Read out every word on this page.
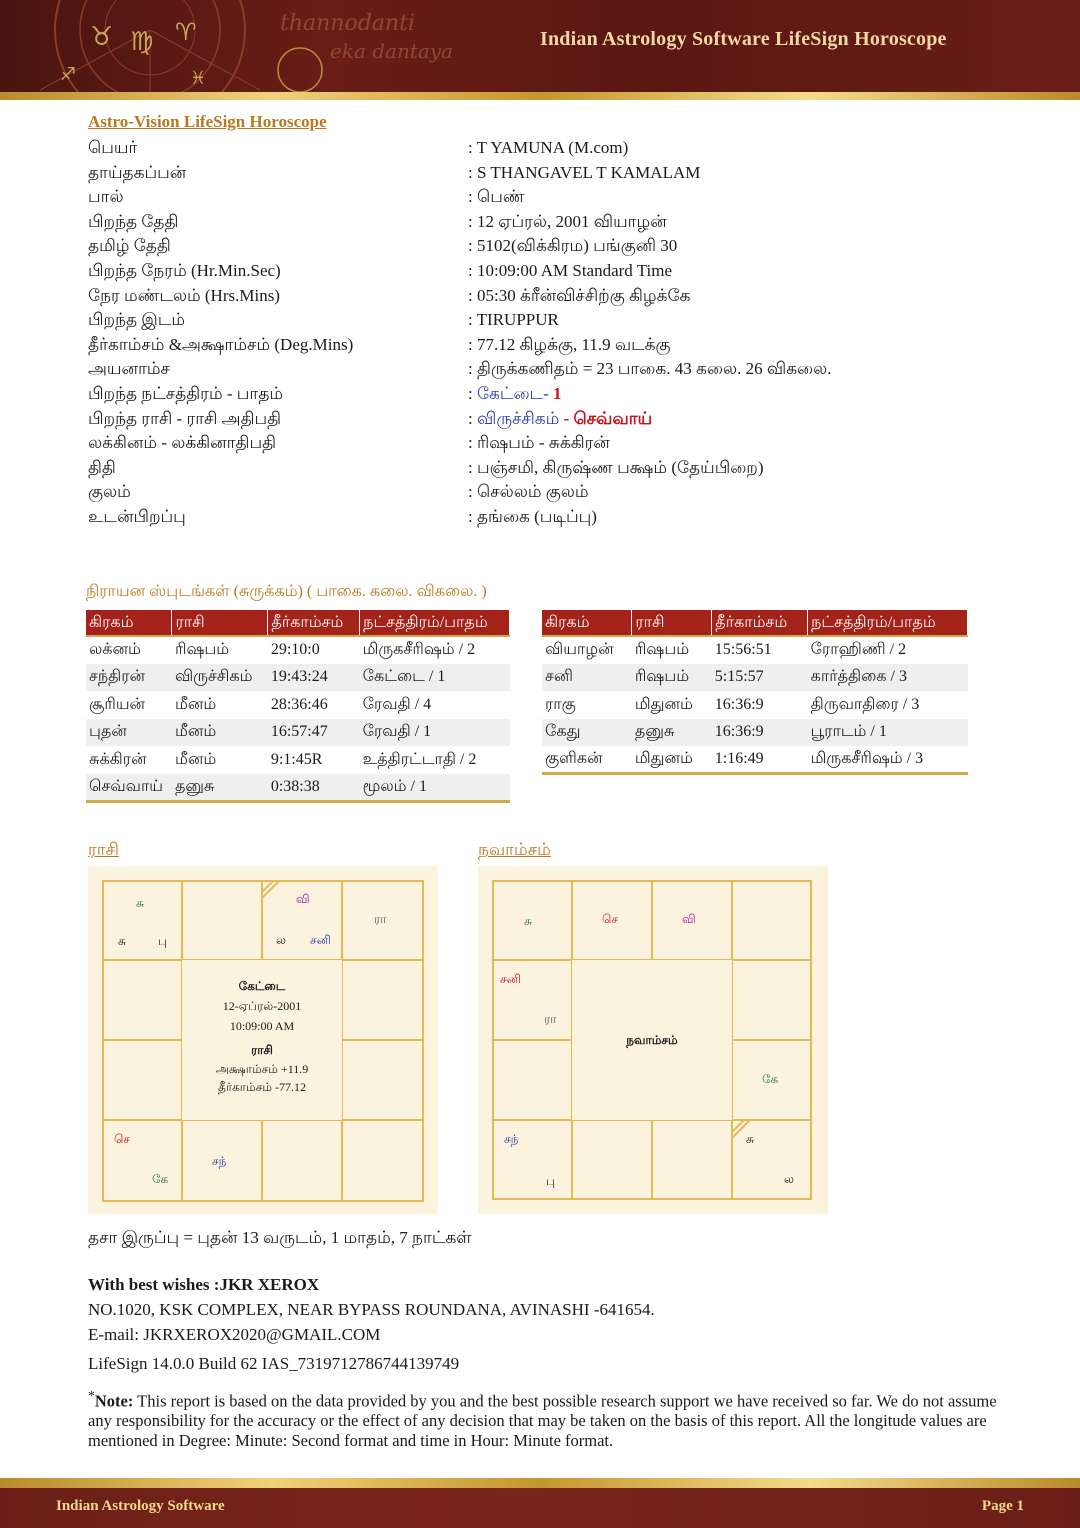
♉ ♍ ♈
♐	♓
thannodanti
eka dantaya	Indian Astrology Software LifeSign Horoscope
Astro-Vision LifeSign Horoscope
பெயர்	: T YAMUNA (M.com)
தாய்தகப்பன்	: S THANGAVEL T KAMALAM
பால்	: பெண்
பிறந்த தேதி	: 12 ஏப்ரல், 2001 வியாழன்
தமிழ் தேதி	: 5102(விக்கிரம) பங்குனி 30
பிறந்த நேரம் (Hr.Min.Sec)	: 10:09:00 AM Standard Time
நேர மண்டலம் (Hrs.Mins)	: 05:30 க்ரீன்விச்சிற்கு கிழக்கே
பிறந்த இடம்	: TIRUPPUR
தீர்காம்சம் &அக்ஷாம்சம் (Deg.Mins)	: 77.12 கிழக்கு, 11.9 வடக்கு
அயனாம்ச	: திருக்கணிதம் = 23 பாகை. 43 கலை. 26 விகலை.
பிறந்த நட்சத்திரம் - பாதம்	: கேட்டை- 1
பிறந்த ராசி - ராசி அதிபதி	: விருச்சிகம் - செவ்வாய்
லக்கினம் - லக்கினாதிபதி	: ரிஷபம் - சுக்கிரன்
திதி	: பஞ்சமி, கிருஷ்ண பக்ஷம் (தேய்பிறை)
குலம்	: செல்லம் குலம்
உடன்பிறப்பு	: தங்கை (படிப்பு)
நிராயன ஸ்புடங்கள் (சுருக்கம்) ( பாகை. கலை. விகலை. )
கிரகம்	ராசி	தீர்காம்சம்	நட்சத்திரம்/பாதம்
லக்னம்	ரிஷபம்	29:10:0	மிருகசீரிஷம் / 2
சந்திரன்	விருச்சிகம்	19:43:24	கேட்டை / 1
சூரியன்	மீனம்	28:36:46	ரேவதி / 4
புதன்	மீனம்	16:57:47	ரேவதி / 1
சுக்கிரன்	மீனம்	9:1:45R	உத்திரட்டாதி / 2
செவ்வாய்	தனுசு	0:38:38	மூலம் / 1
கிரகம்	ராசி	தீர்காம்சம்	நட்சத்திரம்/பாதம்
வியாழன்	ரிஷபம்	15:56:51	ரோஹிணி / 2
சனி	ரிஷபம்	5:15:57	கார்த்திகை / 3
ராகு	மிதுனம்	16:36:9	திருவாதிரை / 3
கேது	தனுசு	16:36:9	பூராடம் / 1
குளிகன்	மிதுனம்	1:16:49	மிருகசீரிஷம் / 3
ராசி
சு
சு	பு
வி
ல சனி
ரா
செ
கே
சந்
கேட்டை
12-ஏப்ரல்-2001
10:09:00 AM
ராசி
அக்ஷாம்சம் +11.9
தீர்காம்சம் -77.12
நவாம்சம்
சு	செ	வி
சனி
ரா
கே
சந்
பு
சு
ல
நவாம்சம்
தசா இருப்பு = புதன் 13 வருடம், 1 மாதம், 7 நாட்கள்
With best wishes :JKR XEROX
NO.1020, KSK COMPLEX, NEAR BYPASS ROUNDANA, AVINASHI -641654.
E-mail: JKRXEROX2020@GMAIL.COM
LifeSign 14.0.0 Build 62 IAS_7319712786744139749
*Note: This report is based on the data provided by you and the best possible research support we have received so far. We do not assume any responsibility for the accuracy or the effect of any decision that may be taken on the basis of this report. All the longitude values are mentioned in Degree: Minute: Second format and time in Hour: Minute format.
Indian Astrology Software	Page 1
